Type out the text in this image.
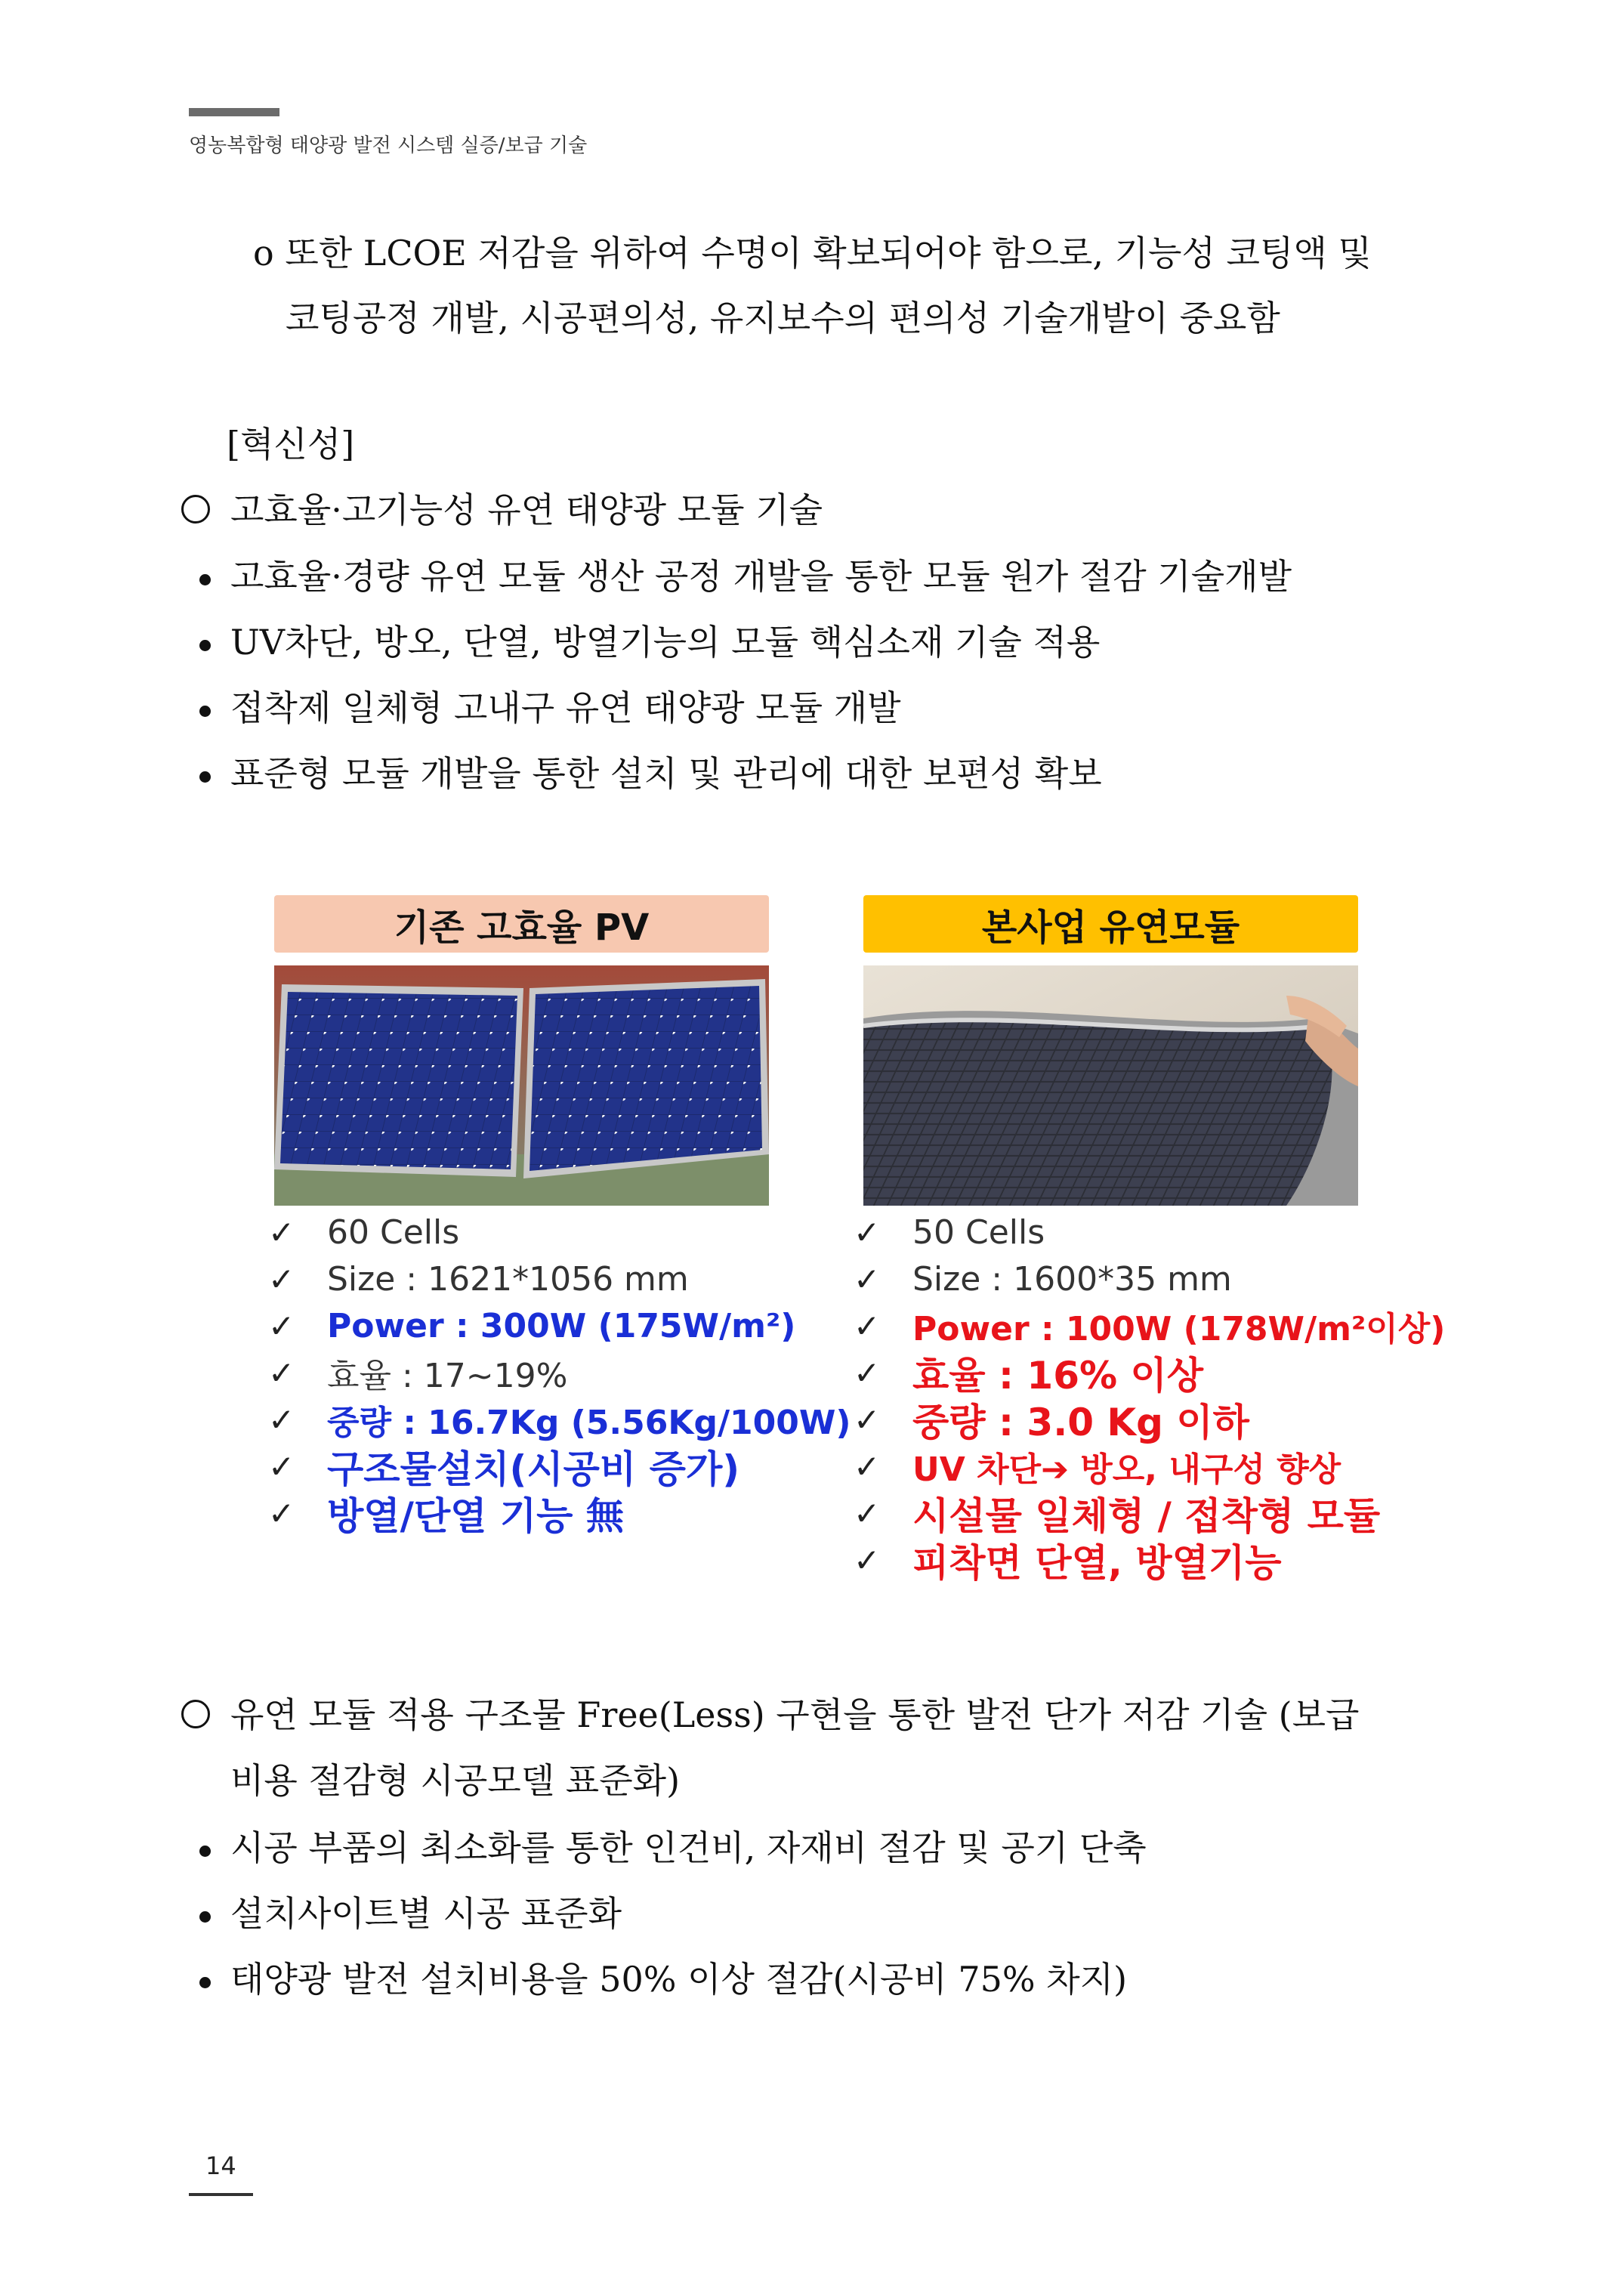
영농복합형 태양광 발전 시스템 실증/보급 기술
o 또한 LCOE 저감을 위하여 수명이 확보되어야 함으로, 기능성 코팅액 및
코팅공정 개발, 시공편의성, 유지보수의 편의성 기술개발이 중요함
[혁신성]
고효율·고기능성 유연 태양광 모듈 기술
고효율·경량 유연 모듈 생산 공정 개발을 통한 모듈 원가 절감 기술개발
UV차단, 방오, 단열, 방열기능의 모듈 핵심소재 기술 적용
접착제 일체형 고내구 유연 태양광 모듈 개발
표준형 모듈 개발을 통한 설치 및 관리에 대한 보편성 확보
기존 고효율 PV	본사업 유연모듈
✓ 60 Cells
✓ Size : 1621*1056 mm
✓ Power : 300W (175W/m²)
✓ 효율 : 17~19%
✓ 중량 : 16.7Kg (5.56Kg/100W)
✓ 구조물설치(시공비 증가)
✓ 방열/단열 기능 無
✓ 50 Cells
✓ Size : 1600*35 mm
✓ Power : 100W (178W/m²이상)
✓ 효율 : 16% 이상
✓ 중량 : 3.0 Kg 이하
✓ UV 차단➔ 방오, 내구성 향상
✓ 시설물 일체형 / 접착형 모듈
✓ 피착면 단열, 방열기능
유연 모듈 적용 구조물 Free(Less) 구현을 통한 발전 단가 저감 기술 (보급
비용 절감형 시공모델 표준화)
시공 부품의 최소화를 통한 인건비, 자재비 절감 및 공기 단축
설치사이트별 시공 표준화
태양광 발전 설치비용을 50% 이상 절감(시공비 75% 차지)
14
